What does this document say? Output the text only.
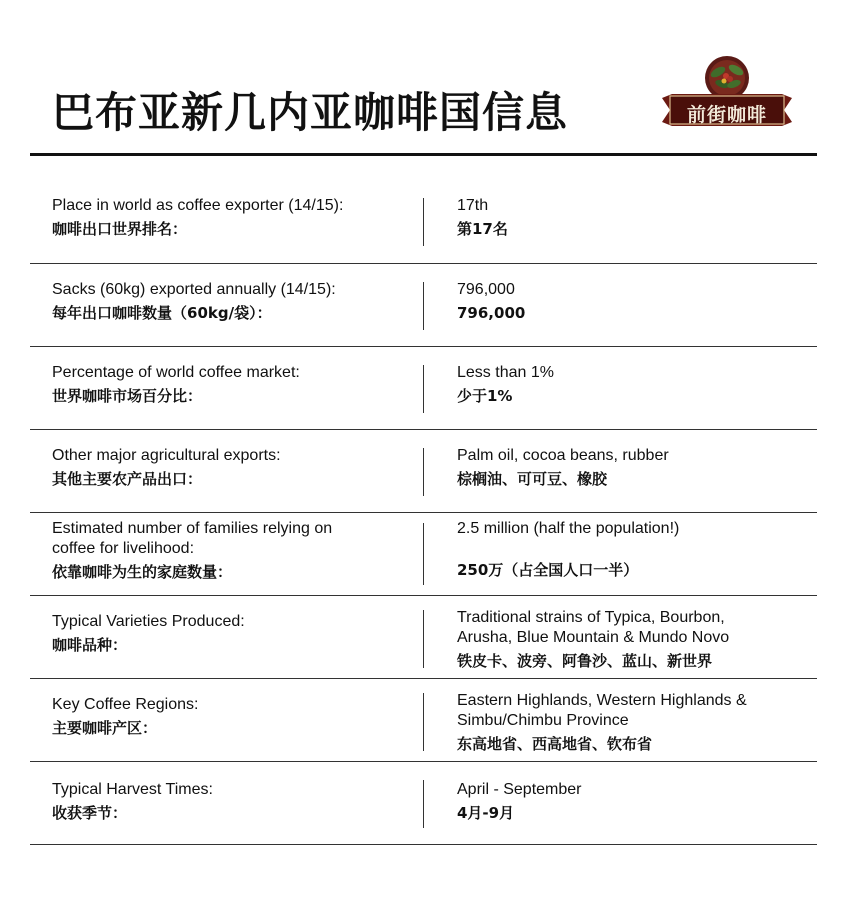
巴布亚新几内亚咖啡国信息	前街咖啡
Place in world as coffee exporter (14/15):
咖啡出口世界排名：
17th
第17名
Sacks (60kg) exported annually (14/15):
每年出口咖啡数量（60kg/袋）：
796,000
796,000
Percentage of world coffee market:
世界咖啡市场百分比：
Less than 1%
少于1%
Other major agricultural exports:
其他主要农产品出口：
Palm oil, cocoa beans, rubber
棕榈油、可可豆、橡胶
Estimated number of families relying on
coffee for livelihood:
依靠咖啡为生的家庭数量：
2.5 million (half the population!)
250万（占全国人口一半）
Typical Varieties Produced:
咖啡品种：
Traditional strains of Typica, Bourbon,
Arusha, Blue Mountain & Mundo Novo
铁皮卡、波旁、阿鲁沙、蓝山、新世界
Key Coffee Regions:
主要咖啡产区：
Eastern Highlands, Western Highlands &
Simbu/Chimbu Province
东高地省、西高地省、钦布省
Typical Harvest Times:
收获季节：
April - September
4月-9月
